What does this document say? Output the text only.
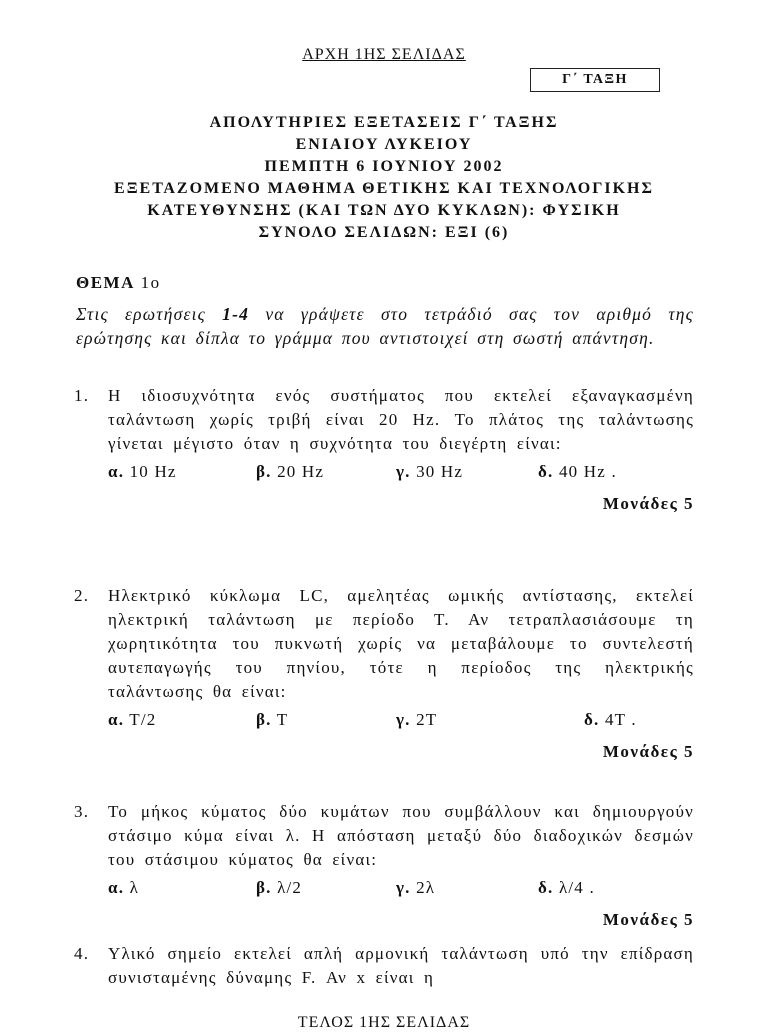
ΑΡΧΗ 1ΗΣ ΣΕΛΙΔΑΣ
Γ΄ ΤΑΞΗ
ΑΠΟΛΥΤΗΡΙΕΣ ΕΞΕΤΑΣΕΙΣ Γ΄ ΤΑΞΗΣ
ΕΝΙΑΙΟΥ ΛΥΚΕΙΟΥ
ΠΕΜΠΤΗ 6 ΙΟΥΝΙΟΥ 2002
ΕΞΕΤΑΖΟΜΕΝΟ ΜΑΘΗΜΑ ΘΕΤΙΚΗΣ ΚΑΙ ΤΕΧΝΟΛΟΓΙΚΗΣ
ΚΑΤΕΥΘΥΝΣΗΣ (ΚΑΙ ΤΩΝ ΔΥΟ ΚΥΚΛΩΝ): ΦΥΣΙΚΗ
ΣΥΝΟΛΟ ΣΕΛΙΔΩΝ: ΕΞΙ (6)
ΘΕΜΑ 1ο
Στις ερωτήσεις 1-4 να γράψετε στο τετράδιό σας τον αριθμό της ερώτησης και δίπλα το γράμμα που αντιστοιχεί στη σωστή απάντηση.
1.	Η ιδιοσυχνότητα ενός συστήματος που εκτελεί εξαναγκασμένη ταλάντωση χωρίς τριβή είναι 20 Hz. Το πλάτος της ταλάντωσης γίνεται μέγιστο όταν η συχνότητα του διεγέρτη είναι:
α. 10 Hz	β. 20 Hz	γ. 30 Hz	δ. 40 Hz .
Μονάδες 5
2.	Ηλεκτρικό κύκλωμα LC, αμελητέας ωμικής αντίστασης, εκτελεί ηλεκτρική ταλάντωση με περίοδο Τ. Αν τετραπλασιάσουμε τη χωρητικότητα του πυκνωτή χωρίς να μεταβάλουμε το συντελεστή αυτεπαγωγής του πηνίου, τότε η περίοδος της ηλεκτρικής ταλάντωσης θα είναι:
α. Τ/2	β. Τ	γ. 2Τ	δ. 4Τ .
Μονάδες 5
3.	Το μήκος κύματος δύο κυμάτων που συμβάλλουν και δημιουργούν στάσιμο κύμα είναι λ. Η απόσταση μεταξύ δύο διαδοχικών δεσμών του στάσιμου κύματος θα είναι:
α. λ	β. λ/2	γ. 2λ	δ. λ/4 .
Μονάδες 5
4.	Υλικό σημείο εκτελεί απλή αρμονική ταλάντωση υπό την επίδραση συνισταμένης δύναμης F. Αν x είναι η
ΤΕΛΟΣ 1ΗΣ ΣΕΛΙΔΑΣ
